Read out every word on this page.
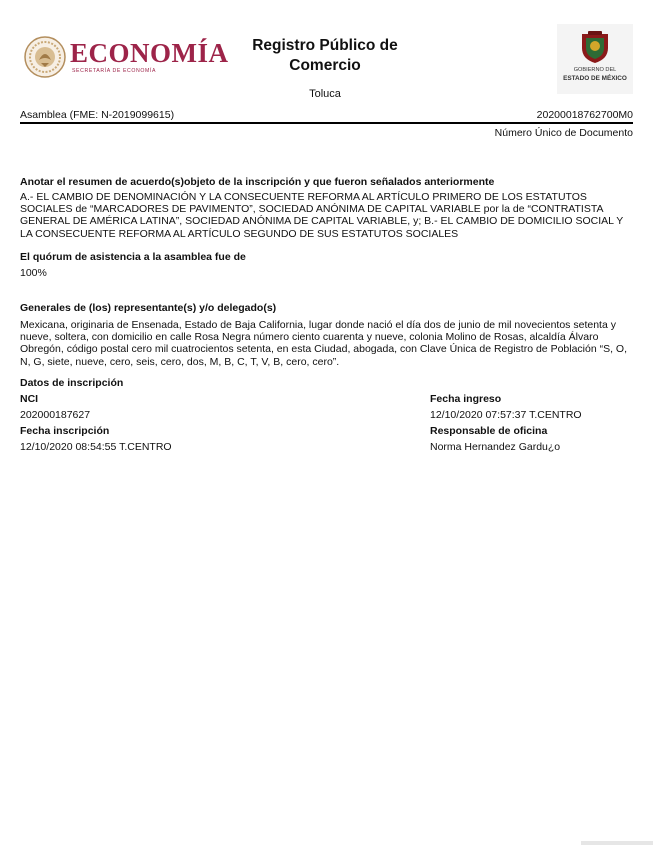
ECONOMÍA
SECRETARÍA DE ECONOMÍA
Registro Público de Comercio
Toluca
GOBIERNO DEL
ESTADO DE MÉXICO
Asamblea (FME: N-2019099615)	20200018762700M0
Número Único de Documento
Anotar el resumen de acuerdo(s)objeto de la inscripción y que fueron señalados anteriormente
A.- EL CAMBIO DE DENOMINACIÓN Y LA CONSECUENTE REFORMA AL ARTÍCULO PRIMERO DE LOS ESTATUTOS SOCIALES de “MARCADORES DE PAVIMENTO”, SOCIEDAD ANÓNIMA DE CAPITAL VARIABLE por la de “CONTRATISTA GENERAL DE AMÉRICA LATINA”, SOCIEDAD ANÓNIMA DE CAPITAL VARIABLE, y; B.- EL CAMBIO DE DOMICILIO SOCIAL Y LA CONSECUENTE REFORMA AL ARTÍCULO SEGUNDO DE SUS ESTATUTOS SOCIALES
El quórum de asistencia a la asamblea fue de
100%
Generales de (los) representante(s) y/o delegado(s)
Mexicana, originaria de Ensenada, Estado de Baja California, lugar donde nació el día dos de junio de mil novecientos setenta y nueve, soltera, con domicilio en calle Rosa Negra número ciento cuarenta y nueve, colonia Molino de Rosas, alcaldía Álvaro Obregón, código postal cero mil cuatrocientos setenta, en esta Ciudad, abogada, con Clave Única de Registro de Población “S, O, N, G, siete, nueve, cero, seis, cero, dos, M, B, C, T, V, B, cero, cero”.
Datos de inscripción
NCI
202000187627
Fecha inscripción
12/10/2020 08:54:55 T.CENTRO
Fecha ingreso
12/10/2020 07:57:37 T.CENTRO
Responsable de oficina
Norma Hernandez Gardu¿o
